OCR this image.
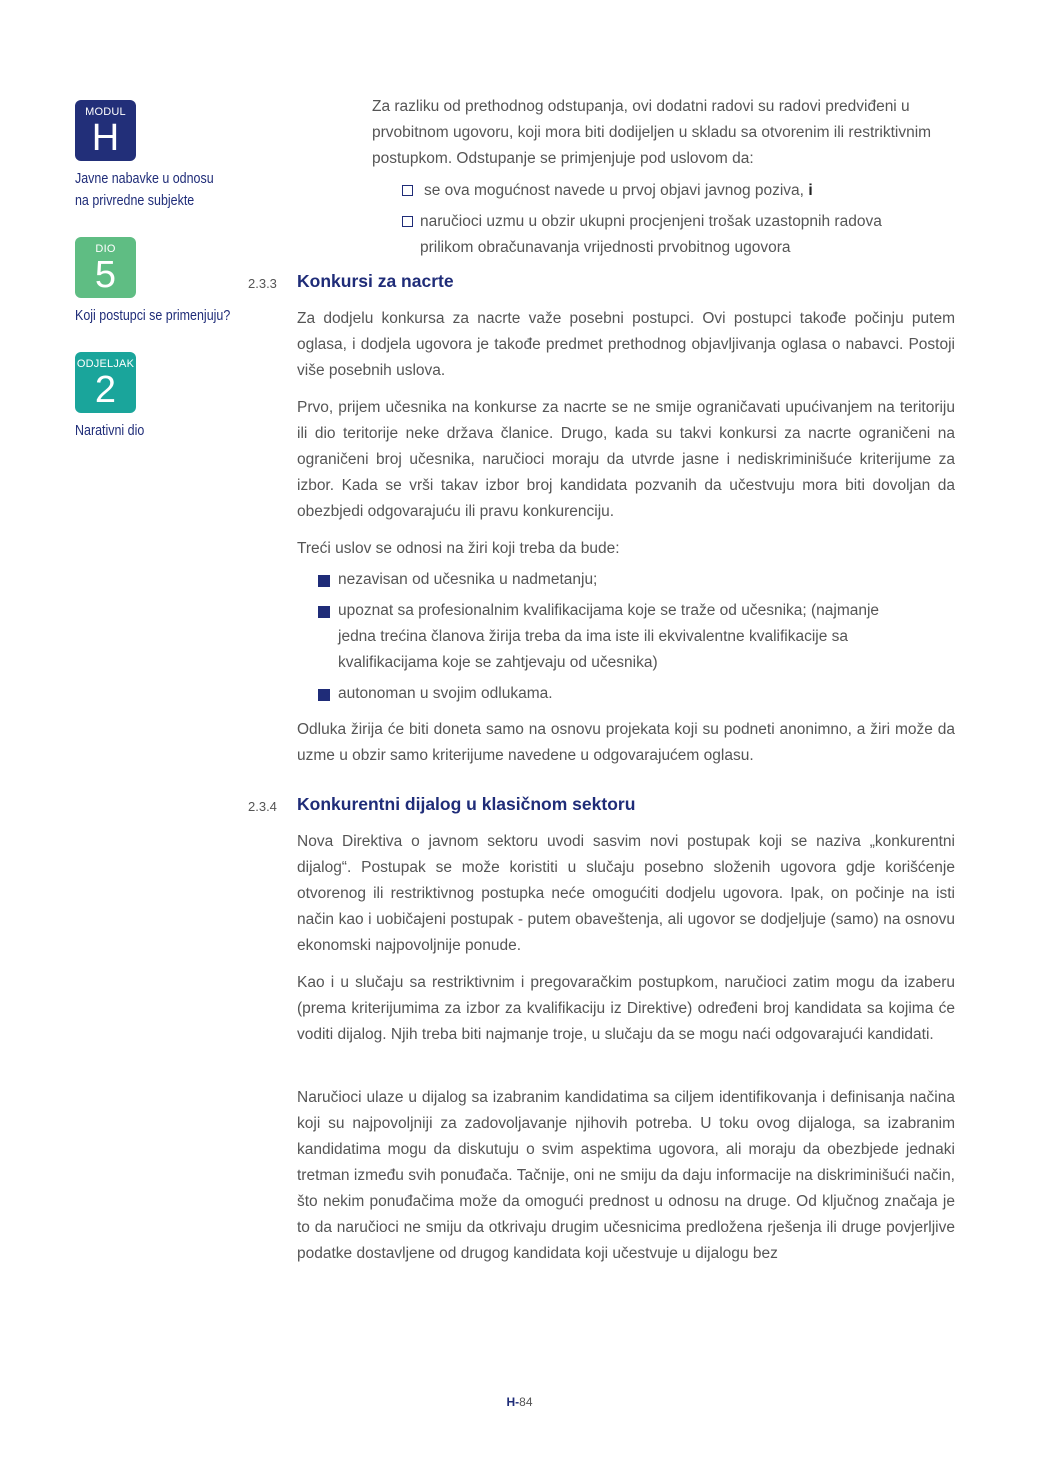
MODUL
H
Javne nabavke u odnosu
na privredne subjekte
DIO
5
Koji postupci se primenjuju?
ODJELJAK
2
Narativni dio

Za razliku od prethodnog odstupanja, ovi dodatni radovi su radovi predviđeni u prvobitnom ugovoru, koji mora biti dodijeljen u skladu sa otvorenim ili restriktivnim postupkom. Odstupanje se primjenjuje pod uslovom da:

se ova mogućnost navede u prvoj objavi javnog poziva, i
naručioci uzmu u obzir ukupni procjenjeni trošak uzastopnih radova prilikom obračunavanja vrijednosti prvobitnog ugovora
2.3.3 Konkursi za nacrte

Za dodjelu konkursa za nacrte važe posebni postupci. Ovi postupci takođe počinju putem oglasa, i dodjela ugovora je takođe predmet prethodnog objavljivanja oglasa o nabavci. Postoji više posebnih uslova.

Prvo, prijem učesnika na konkurse za nacrte se ne smije ograničavati upućivanjem na teritoriju ili dio teritorije neke država članice. Drugo, kada su takvi konkursi za nacrte ograničeni na ograničeni broj učesnika, naručioci moraju da utvrde jasne i nediskriminišuće kriterijume za izbor. Kada se vrši takav izbor broj kandidata pozvanih da učestvuju mora biti dovoljan da obezbjedi odgovarajuću ili pravu konkurenciju.

Treći uslov se odnosi na žiri koji treba da bude:

nezavisan od učesnika u nadmetanju;
upoznat sa profesionalnim kvalifikacijama koje se traže od učesnika; (najmanje jedna trećina članova žirija treba da ima iste ili ekvivalentne kvalifikacije sa kvalifikacijama koje se zahtjevaju od učesnika)
autonoman u svojim odlukama.

Odluka žirija će biti doneta samo na osnovu projekata koji su podneti anonimno, a žiri može da uzme u obzir samo kriterijume navedene u odgovarajućem oglasu.

2.3.4 Konkurentni dijalog u klasičnom sektoru

Nova Direktiva o javnom sektoru uvodi sasvim novi postupak koji se naziva „konkurentni dijalog“. Postupak se može koristiti u slučaju posebno složenih ugovora gdje korišćenje otvorenog ili restriktivnog postupka neće omogućiti dodjelu ugovora. Ipak, on počinje na isti način kao i uobičajeni postupak - putem obaveštenja, ali ugovor se dodjeljuje (samo) na osnovu ekonomski najpovoljnije ponude.

Kao i u slučaju sa restriktivnim i pregovaračkim postupkom, naručioci zatim mogu da izaberu (prema kriterijumima za izbor za kvalifikaciju iz Direktive) određeni broj kandidata sa kojima će voditi dijalog. Njih treba biti najmanje troje, u slučaju da se mogu naći odgovarajući kandidati.

Naručioci ulaze u dijalog sa izabranim kandidatima sa ciljem identifikovanja i definisanja načina koji su najpovoljniji za zadovoljavanje njihovih potreba. U toku ovog dijaloga, sa izabranim kandidatima mogu da diskutuju o svim aspektima ugovora, ali moraju da obezbjede jednaki tretman između svih ponuđača. Tačnije, oni ne smiju da daju informacije na diskriminišući način, što nekim ponuđačima može da omogući prednost u odnosu na druge. Od ključnog značaja je to da naručioci ne smiju da otkrivaju drugim učesnicima predložena rješenja ili druge povjerljive podatke dostavljene od drugog kandidata koji učestvuje u dijalogu bez

H-84
